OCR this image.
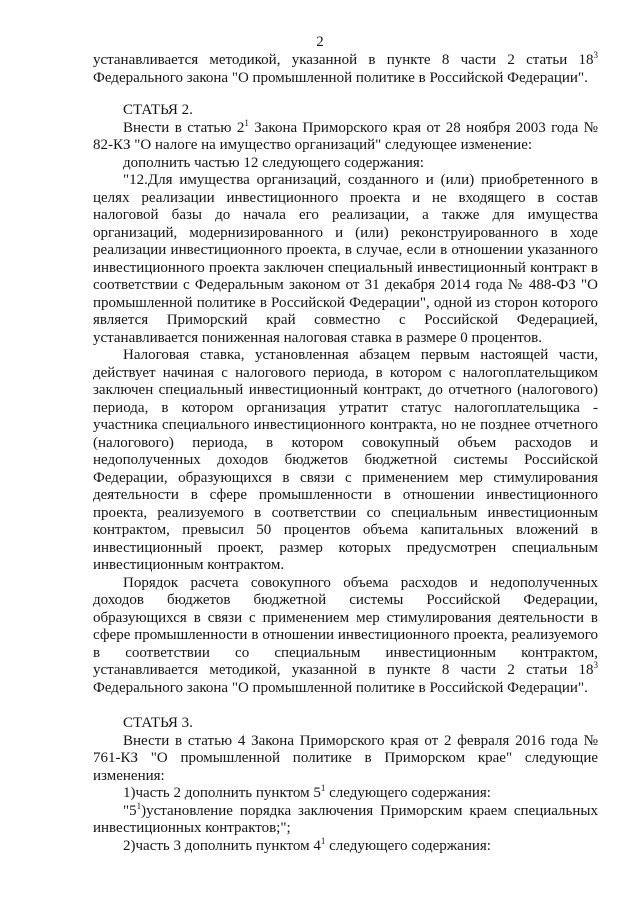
2

устанавливается методикой, указанной в пункте 8 части 2 статьи $18^3$ Федерального закона "О промышленной политике в Российской Федерации".

СТАТЬЯ 2.

Внести в статью $2^1$ Закона Приморского края от 28 ноября 2003 года № 82-КЗ "О налоге на имущество организаций" следующее изменение:

дополнить частью 12 следующего содержания:

"12.Для имущества организаций, созданного и (или) приобретенного в целях реализации инвестиционного проекта и не входящего в состав налоговой базы до начала его реализации, а также для имущества организаций, модернизированного и (или) реконструированного в ходе реализации инвестиционного проекта, в случае, если в отношении указанного инвестиционного проекта заключен специальный инвестиционный контракт в соответствии с Федеральным законом от 31 декабря 2014 года № 488-ФЗ "О промышленной политике в Российской Федерации", одной из сторон которого является Приморский край совместно с Российской Федерацией, устанавливается пониженная налоговая ставка в размере 0 процентов.

Налоговая ставка, установленная абзацем первым настоящей части, действует начиная с налогового периода, в котором с налогоплательщиком заключен специальный инвестиционный контракт, до отчетного (налогового) периода, в котором организация утратит статус налогоплательщика - участника специального инвестиционного контракта, но не позднее отчетного (налогового) периода, в котором совокупный объем расходов и недополученных доходов бюджетов бюджетной системы Российской Федерации, образующихся в связи с применением мер стимулирования деятельности в сфере промышленности в отношении инвестиционного проекта, реализуемого в соответствии со специальным инвестиционным контрактом, превысил 50 процентов объема капитальных вложений в инвестиционный проект, размер которых предусмотрен специальным инвестиционным контрактом.

Порядок расчета совокупного объема расходов и недополученных доходов бюджетов бюджетной системы Российской Федерации, образующихся в связи с применением мер стимулирования деятельности в сфере промышленности в отношении инвестиционного проекта, реализуемого в соответствии со специальным инвестиционным контрактом, устанавливается методикой, указанной в пункте 8 части 2 статьи $18^3$ Федерального закона "О промышленной политике в Российской Федерации".

СТАТЬЯ 3.

Внести в статью 4 Закона Приморского края от 2 февраля 2016 года № 761-КЗ "О промышленной политике в Приморском крае" следующие изменения:

1)часть 2 дополнить пунктом $5^1$ следующего содержания:

"$5^1)установление$ порядка заключения Приморским краем специальных инвестиционных контрактов;";

2)часть 3 дополнить пунктом $4^1$ следующего содержания:
